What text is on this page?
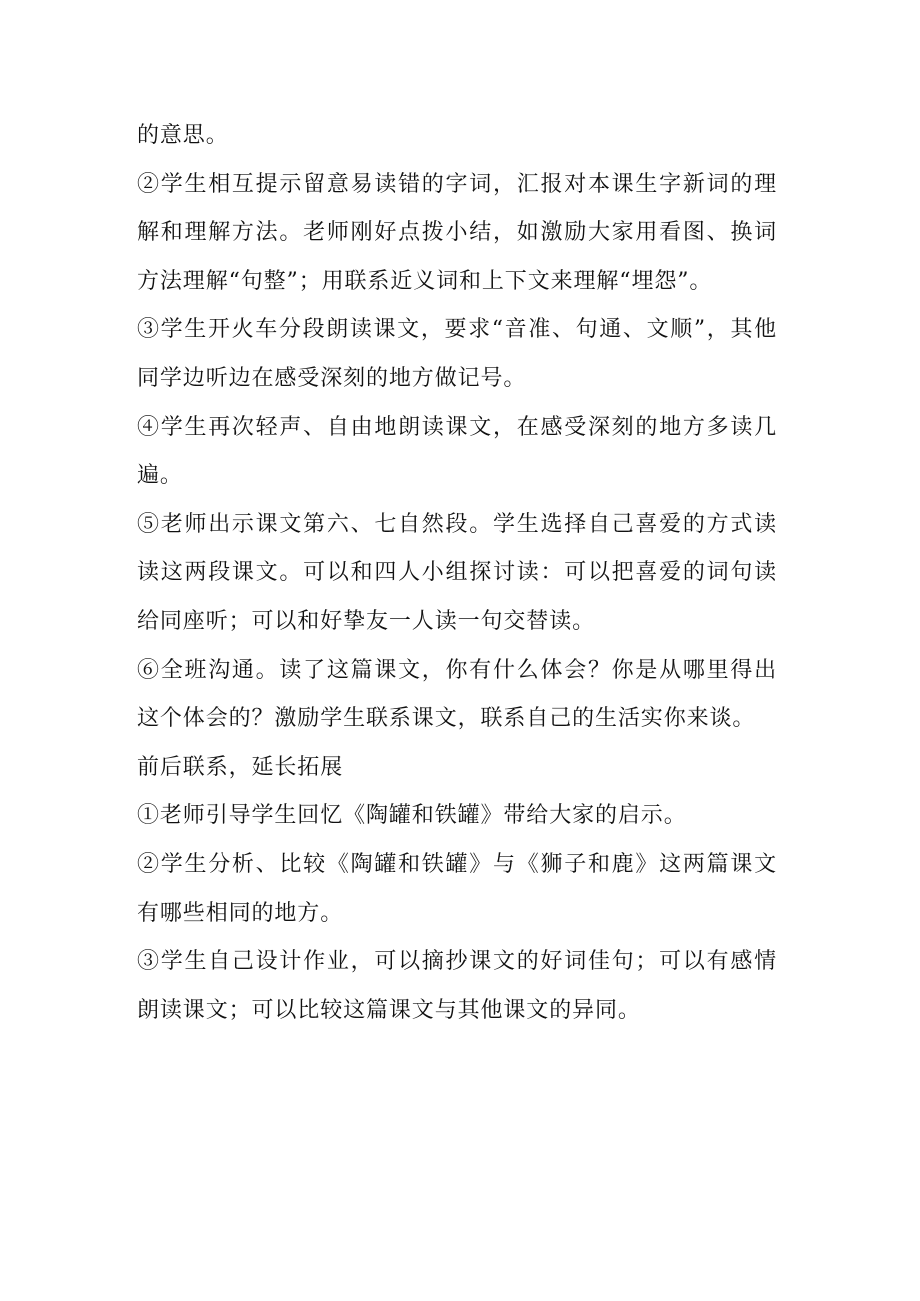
的意思。

②学生相互提示留意易读错的字词，汇报对本课生字新词的理解和理解方法。老师刚好点拨小结，如激励大家用看图、换词方法理解“句整”；用联系近义词和上下文来理解“埋怨”。

③学生开火车分段朗读课文，要求“音准、句通、文顺”，其他同学边听边在感受深刻的地方做记号。

④学生再次轻声、自由地朗读课文，在感受深刻的地方多读几遍。

⑤老师出示课文第六、七自然段。学生选择自己喜爱的方式读读这两段课文。可以和四人小组探讨读：可以把喜爱的词句读给同座听；可以和好挚友一人读一句交替读。

⑥全班沟通。读了这篇课文，你有什么体会？你是从哪里得出这个体会的？激励学生联系课文，联系自己的生活实你来谈。

前后联系，延长拓展

①老师引导学生回忆《陶罐和铁罐》带给大家的启示。

②学生分析、比较《陶罐和铁罐》与《狮子和鹿》这两篇课文有哪些相同的地方。

③学生自己设计作业，可以摘抄课文的好词佳句；可以有感情朗读课文；可以比较这篇课文与其他课文的异同。
